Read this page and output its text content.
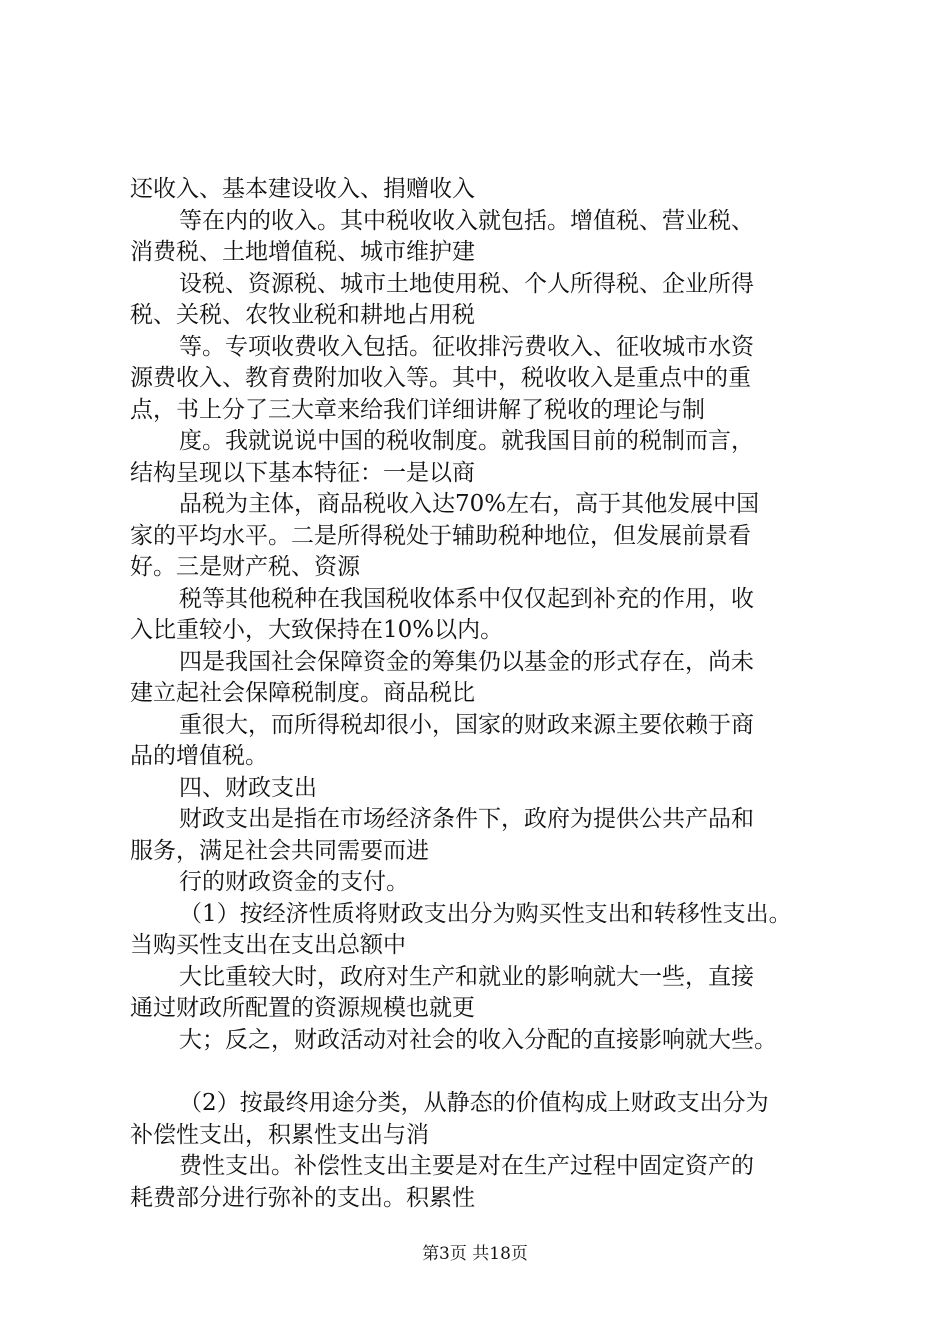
还收入、基本建设收入、捐赠收入
等在内的收入。其中税收收入就包括。增值税、营业税、
消费税、土地增值税、城市维护建
设税、资源税、城市土地使用税、个人所得税、企业所得
税、关税、农牧业税和耕地占用税
等。专项收费收入包括。征收排污费收入、征收城市水资
源费收入、教育费附加收入等。其中，税收收入是重点中的重
点，书上分了三大章来给我们详细讲解了税收的理论与制
度。我就说说中国的税收制度。就我国目前的税制而言，
结构呈现以下基本特征：一是以商
品税为主体，商品税收入达70%左右，高于其他发展中国
家的平均水平。二是所得税处于辅助税种地位，但发展前景看
好。三是财产税、资源
税等其他税种在我国税收体系中仅仅起到补充的作用，收
入比重较小，大致保持在10%以内。
四是我国社会保障资金的筹集仍以基金的形式存在，尚未
建立起社会保障税制度。商品税比
重很大，而所得税却很小，国家的财政来源主要依赖于商
品的增值税。
四、财政支出
财政支出是指在市场经济条件下，政府为提供公共产品和
服务，满足社会共同需要而进
行的财政资金的支付。
（1）按经济性质将财政支出分为购买性支出和转移性支出。
当购买性支出在支出总额中
大比重较大时，政府对生产和就业的影响就大一些，直接
通过财政所配置的资源规模也就更
大；反之，财政活动对社会的收入分配的直接影响就大些。
（2）按最终用途分类，从静态的价值构成上财政支出分为
补偿性支出，积累性支出与消
费性支出。补偿性支出主要是对在生产过程中固定资产的
耗费部分进行弥补的支出。积累性
第3页 共18页
